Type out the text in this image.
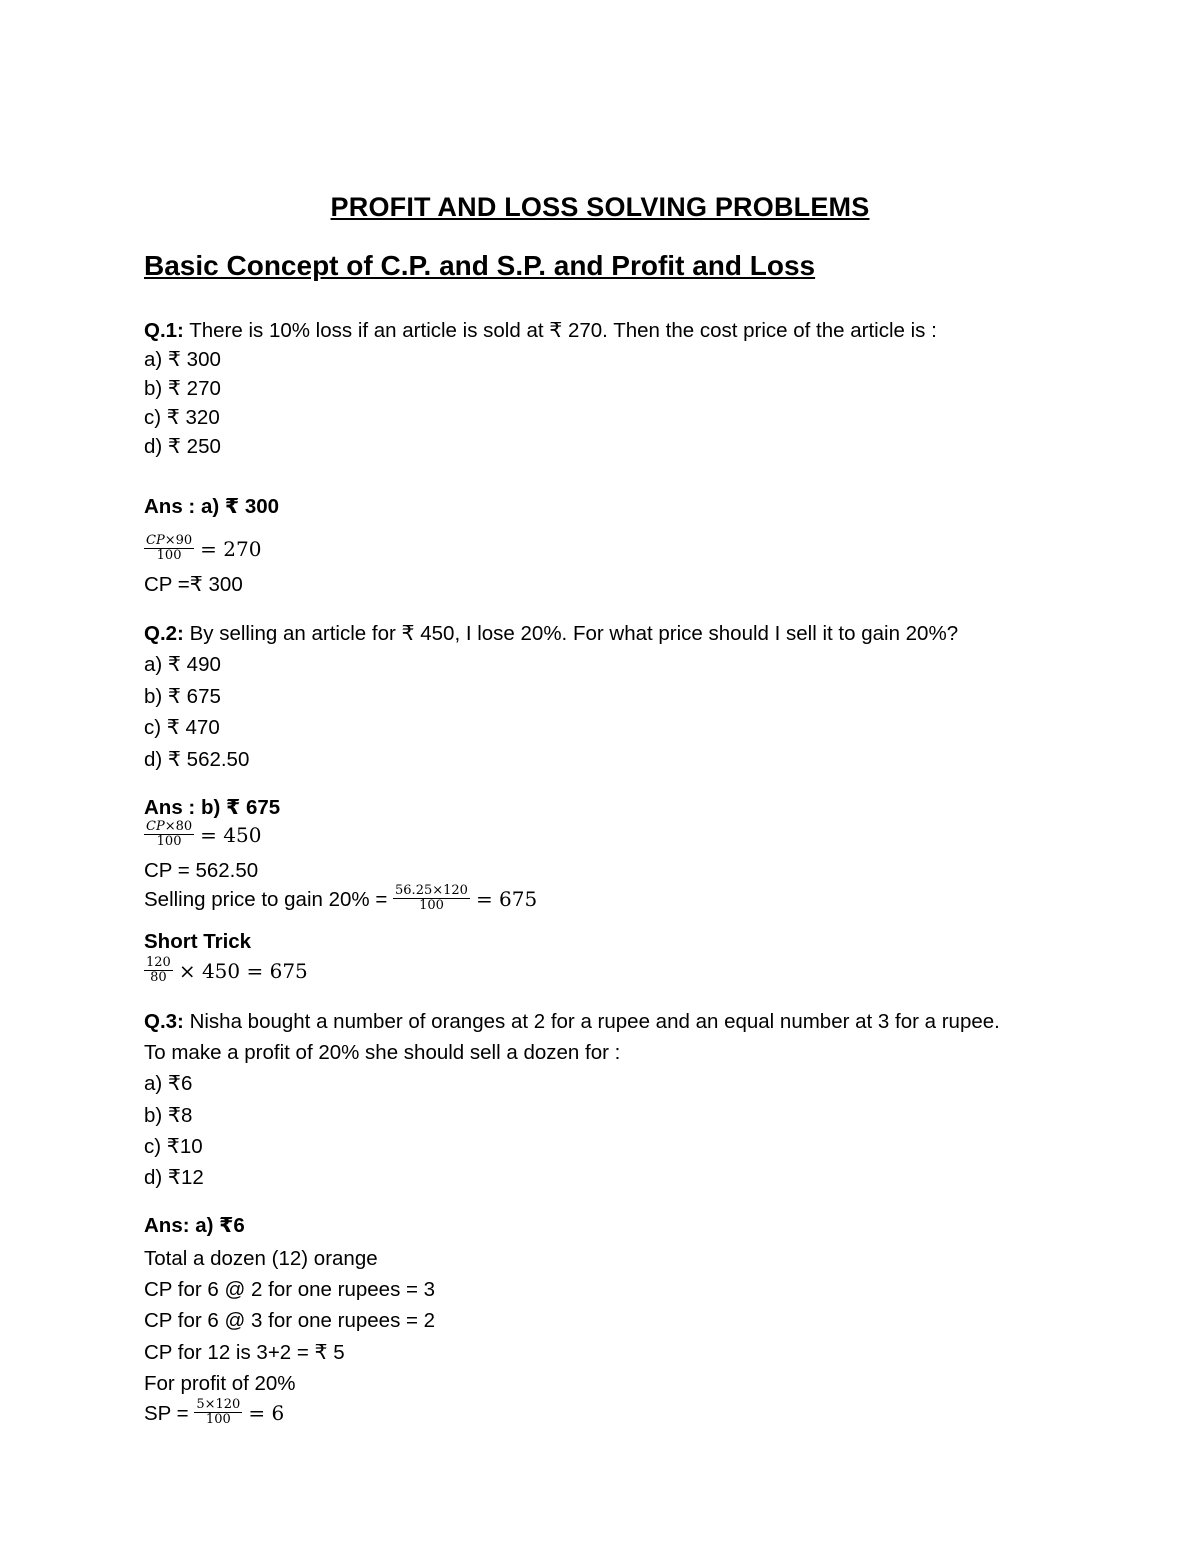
PROFIT AND LOSS SOLVING PROBLEMS
Basic Concept of C.P. and S.P. and Profit and Loss
Q.1: There is 10% loss if an article is sold at ₹ 270. Then the cost price of the article is :
a) ₹ 300
b) ₹ 270
c) ₹ 320
d) ₹ 250
Ans : a) ₹ 300
$\frac{CP\times 90}{100} = 270$
CP =₹ 300
Q.2: By selling an article for ₹ 450, I lose 20%. For what price should I sell it to gain 20%?
a) ₹ 490
b) ₹ 675
c) ₹ 470
d) ₹ 562.50
Ans : b) ₹ 675
$\frac{CP\times 80}{100} = 450$
CP = 562.50
Selling price to gain $20\% = \frac{56.25\times 120}{100} = 675$
Short Trick
$\frac{120}{80} \times 450 = 675$
Q.3: Nisha bought a number of oranges at 2 for a rupee and an equal number at 3 for a rupee.
To make a profit of 20% she should sell a dozen for :
a) ₹6
b) ₹8
c) ₹10
d) ₹12
Ans: a) ₹6
Total a dozen (12) orange
CP for 6 @ 2 for one rupees = 3
CP for 6 @ 3 for one rupees = 2
CP for 12 is 3+2 = ₹ 5
For profit of 20%
SP = $\frac{5\times 120}{100} = 6$
